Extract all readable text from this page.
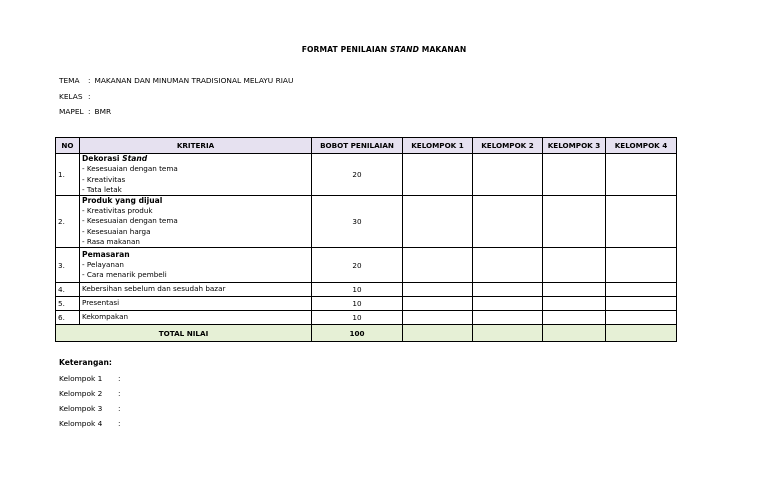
FORMAT PENILAIAN STAND MAKANAN
TEMA : MAKANAN DAN MINUMAN TRADISIONAL MELAYU RIAU
KELAS :
MAPEL : BMR
NO	KRITERIA	BOBOT PENILAIAN	KELOMPOK 1	KELOMPOK 2	KELOMPOK 3	KELOMPOK 4
1.	Dekorasi Stand
- Kesesuaian dengan tema
- Kreativitas
- Tata letak	20				
2.	Produk yang dijual
- Kreativitas produk
- Kesesuaian dengan tema
- Kesesuaian harga
- Rasa makanan	30				
3.	Pemasaran
- Pelayanan
- Cara menarik pembeli	20				
4.	Kebersihan sebelum dan sesudah bazar	10				
5.	Presentasi	10				
6.	Kekompakan	10				
TOTAL NILAI		100				
Keterangan:
Kelompok 1 :
Kelompok 2 :
Kelompok 3 :
Kelompok 4 :
